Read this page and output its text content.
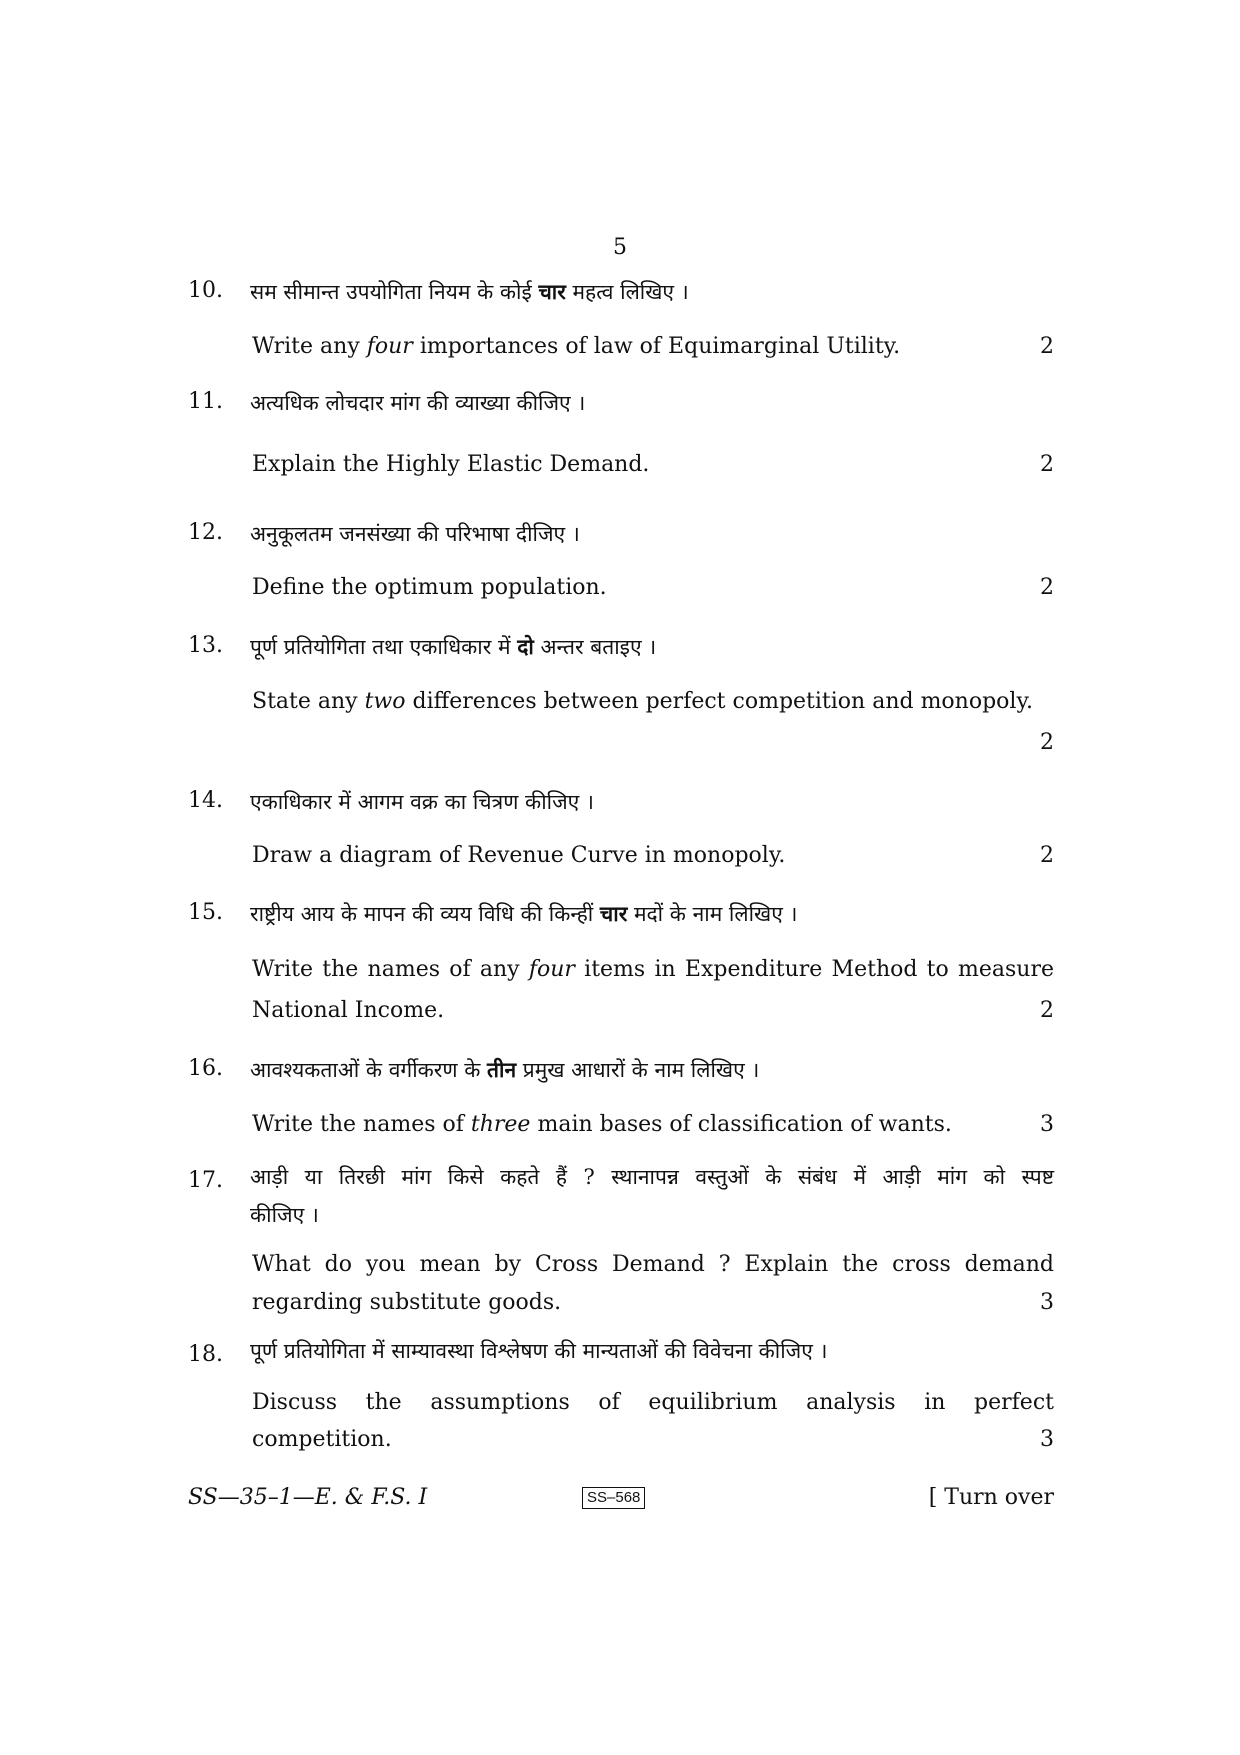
5
10. सम सीमान्त उपयोगिता नियम के कोई चार महत्व लिखिए ।
Write any four importances of law of Equimarginal Utility.	2
11. अत्यधिक लोचदार मांग की व्याख्या कीजिए ।
Explain the Highly Elastic Demand.	2
12. अनुकूलतम जनसंख्या की परिभाषा दीजिए ।
Define the optimum population.	2
13. पूर्ण प्रतियोगिता तथा एकाधिकार में दो अन्तर बताइए ।
State any two differences between perfect competition and monopoly.
2
14. एकाधिकार में आगम वक्र का चित्रण कीजिए ।
Draw a diagram of Revenue Curve in monopoly.	2
15. राष्ट्रीय आय के मापन की व्यय विधि की किन्हीं चार मदों के नाम लिखिए ।
Write the names of any four items in Expenditure Method to measure
National Income.	2
16. आवश्यकताओं के वर्गीकरण के तीन प्रमुख आधारों के नाम लिखिए ।
Write the names of three main bases of classification of wants.	3
17. आड़ी या तिरछी मांग किसे कहते हैं ? स्थानापन्न वस्तुओं के संबंध में आड़ी मांग को स्पष्ट
कीजिए ।
What do you mean by Cross Demand ? Explain the cross demand
regarding substitute goods.	3
18. पूर्ण प्रतियोगिता में साम्यावस्था विश्लेषण की मान्यताओं की विवेचना कीजिए ।
Discuss the assumptions of equilibrium analysis in perfect
competition.	3
SS—35–1—E. & F.S. I	SS–568	[ Turn over
